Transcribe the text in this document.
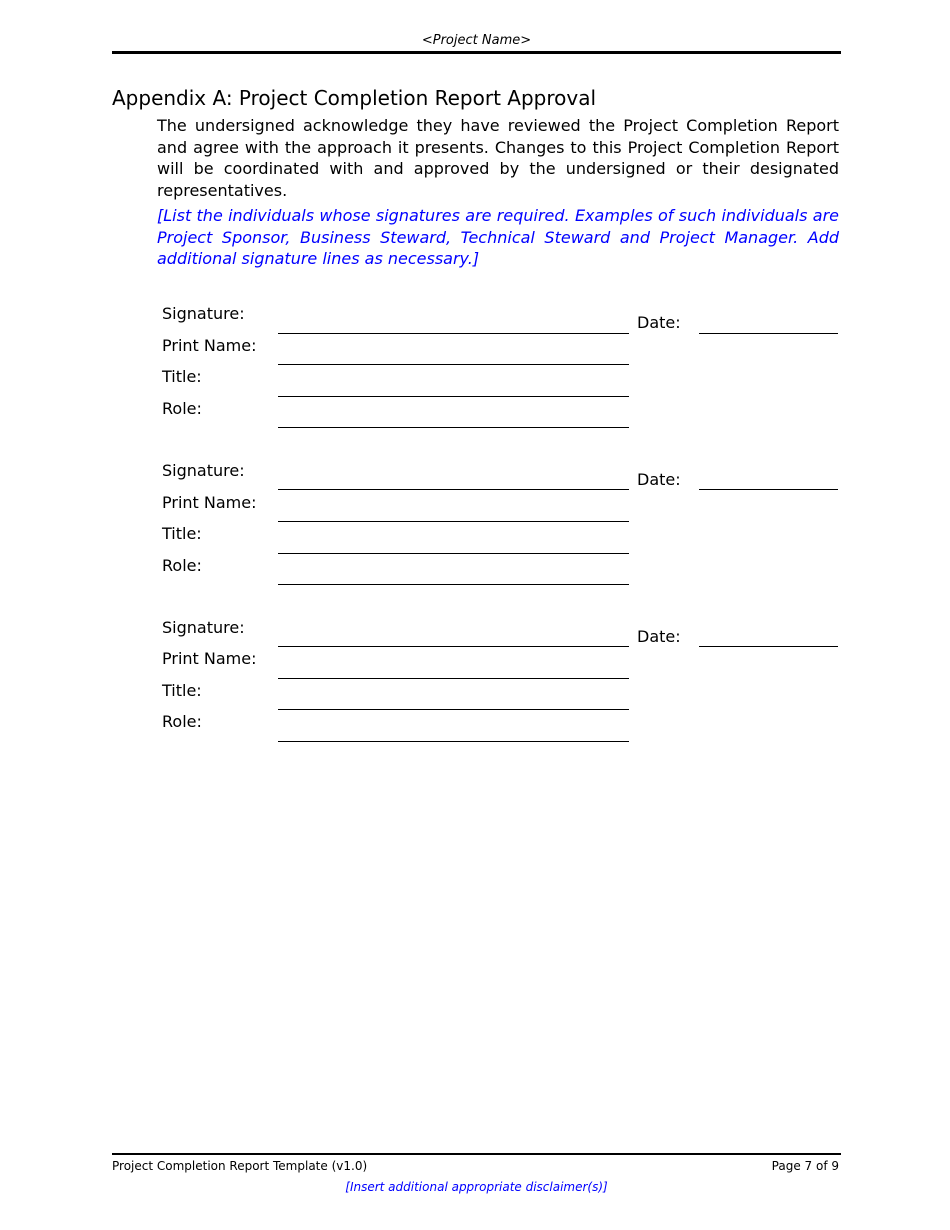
<Project Name>
Appendix A: Project Completion Report Approval

The undersigned acknowledge they have reviewed the Project Completion Report and agree with the approach it presents. Changes to this Project Completion Report will be coordinated with and approved by the undersigned or their designated representatives.

[List the individuals whose signatures are required. Examples of such individuals are Project Sponsor, Business Steward, Technical Steward and Project Manager. Add additional signature lines as necessary.]

Signature:
Print Name:
Title:
Role:
Date:
Signature:
Print Name:
Title:
Role:
Date:
Signature:
Print Name:
Title:
Role:
Date:
Project Completion Report Template (v1.0)	Page 7 of 9
[Insert additional appropriate disclaimer(s)]
